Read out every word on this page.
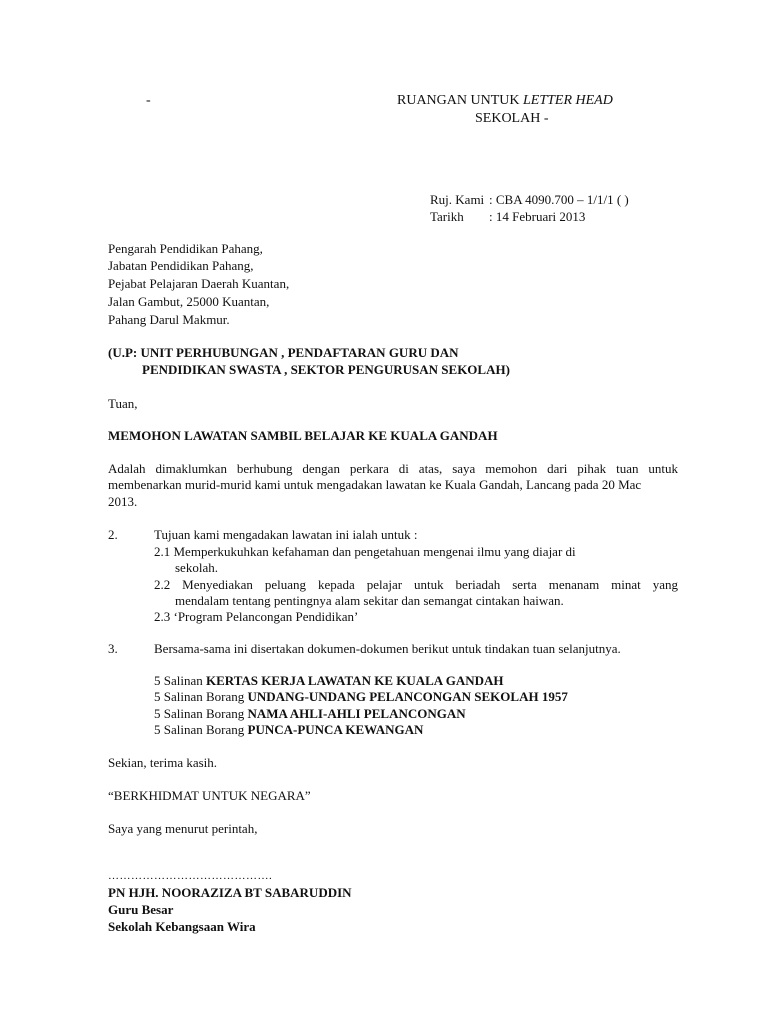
-	RUANGAN UNTUK LETTER HEAD
SEKOLAH -
Ruj. Kami : CBA 4090.700 – 1/1/1 ( )
Tarikh : 14 Februari 2013
Pengarah Pendidikan Pahang,
Jabatan Pendidikan Pahang,
Pejabat Pelajaran Daerah Kuantan,
Jalan Gambut, 25000 Kuantan,
Pahang Darul Makmur.
(U.P: UNIT PERHUBUNGAN , PENDAFTARAN GURU DAN
PENDIDIKAN SWASTA , SEKTOR PENGURUSAN SEKOLAH)
Tuan,
MEMOHON LAWATAN SAMBIL BELAJAR KE KUALA GANDAH
Adalah dimaklumkan berhubung dengan perkara di atas, saya memohon dari pihak tuan untuk
membenarkan murid-murid kami untuk mengadakan lawatan ke Kuala Gandah, Lancang pada 20 Mac
2013.
2.	Tujuan kami mengadakan lawatan ini ialah untuk :
2.1 Memperkukuhkan kefahaman dan pengetahuan mengenai ilmu yang diajar di
sekolah.
2.2 Menyediakan peluang kepada pelajar untuk beriadah serta menanam minat yang
mendalam tentang pentingnya alam sekitar dan semangat cintakan haiwan.
2.3 ‘Program Pelancongan Pendidikan’
3.	Bersama-sama ini disertakan dokumen-dokumen berikut untuk tindakan tuan selanjutnya.
5 Salinan KERTAS KERJA LAWATAN KE KUALA GANDAH
5 Salinan Borang UNDANG-UNDANG PELANCONGAN SEKOLAH 1957
5 Salinan Borang NAMA AHLI-AHLI PELANCONGAN
5 Salinan Borang PUNCA-PUNCA KEWANGAN
Sekian, terima kasih.
“BERKHIDMAT UNTUK NEGARA”
Saya yang menurut perintah,
…………………………………….
PN HJH. NOORAZIZA BT SABARUDDIN
Guru Besar
Sekolah Kebangsaan Wira
